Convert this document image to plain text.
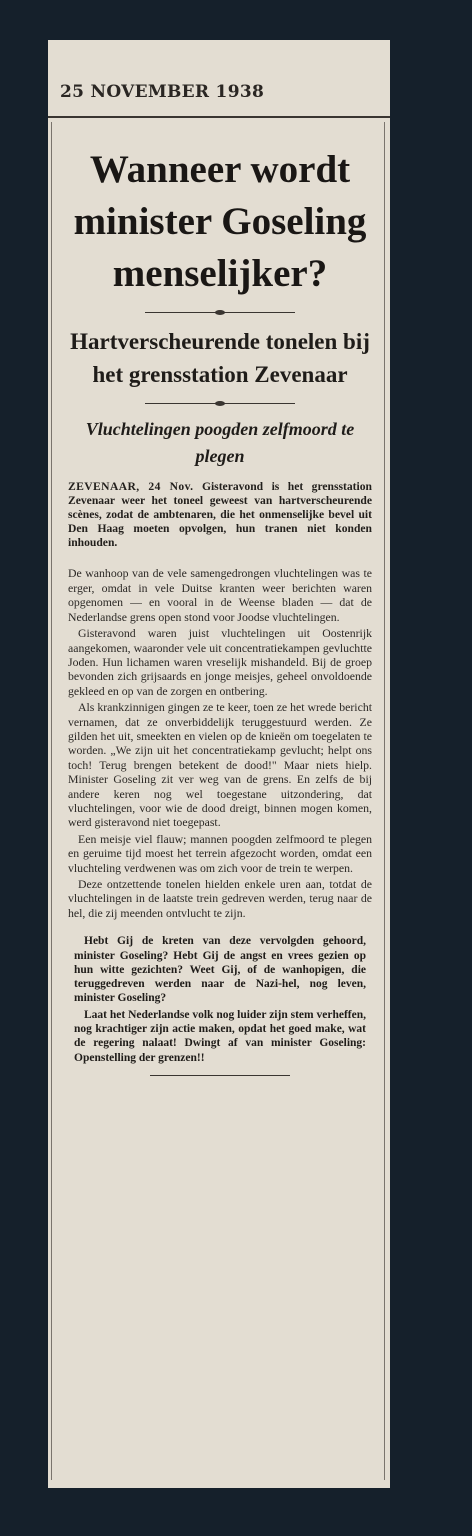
25 NOVEMBER 1938
Wanneer wordt minister Goseling menselijker?
Hartverscheurende tonelen bij het grensstation Zevenaar
Vluchtelingen poogden zelfmoord te plegen

ZEVENAAR, 24 Nov. Gisteravond is het grensstation Zevenaar weer het toneel geweest van hartverscheurende scènes, zodat de ambtenaren, die het onmenselijke bevel uit Den Haag moeten opvolgen, hun tranen niet konden inhouden.

De wanhoop van de vele samengedrongen vluchtelingen was te erger, omdat in vele Duitse kranten weer berichten waren opgenomen — en vooral in de Weense bladen — dat de Nederlandse grens open stond voor Joodse vluchtelingen.

Gisteravond waren juist vluchtelingen uit Oostenrijk aangekomen, waaronder vele uit concentratiekampen gevluchtte Joden. Hun lichamen waren vreselijk mishandeld. Bij de groep bevonden zich grijsaards en jonge meisjes, geheel onvoldoende gekleed en op van de zorgen en ontbering.

Als krankzinnigen gingen ze te keer, toen ze het wrede bericht vernamen, dat ze onverbiddelijk teruggestuurd werden. Ze gilden het uit, smeekten en vielen op de knieën om toegelaten te worden. „We zijn uit het concentratiekamp gevlucht; helpt ons toch! Terug brengen betekent de dood!" Maar niets hielp. Minister Goseling zit ver weg van de grens. En zelfs de bij andere keren nog wel toegestane uitzondering, dat vluchtelingen, voor wie de dood dreigt, binnen mogen komen, werd gisteravond niet toegepast.

Een meisje viel flauw; mannen poogden zelfmoord te plegen en geruime tijd moest het terrein afgezocht worden, omdat een vluchteling verdwenen was om zich voor de trein te werpen.

Deze ontzettende tonelen hielden enkele uren aan, totdat de vluchtelingen in de laatste trein gedreven werden, terug naar de hel, die zij meenden ontvlucht te zijn.

Hebt Gij de kreten van deze vervolgden gehoord, minister Goseling? Hebt Gij de angst en vrees gezien op hun witte gezichten? Weet Gij, of de wanhopigen, die teruggedreven werden naar de Nazi-hel, nog leven, minister Goseling?

Laat het Nederlandse volk nog luider zijn stem verheffen, nog krachtiger zijn actie maken, opdat het goed make, wat de regering nalaat! Dwingt af van minister Goseling: Openstelling der grenzen!!
